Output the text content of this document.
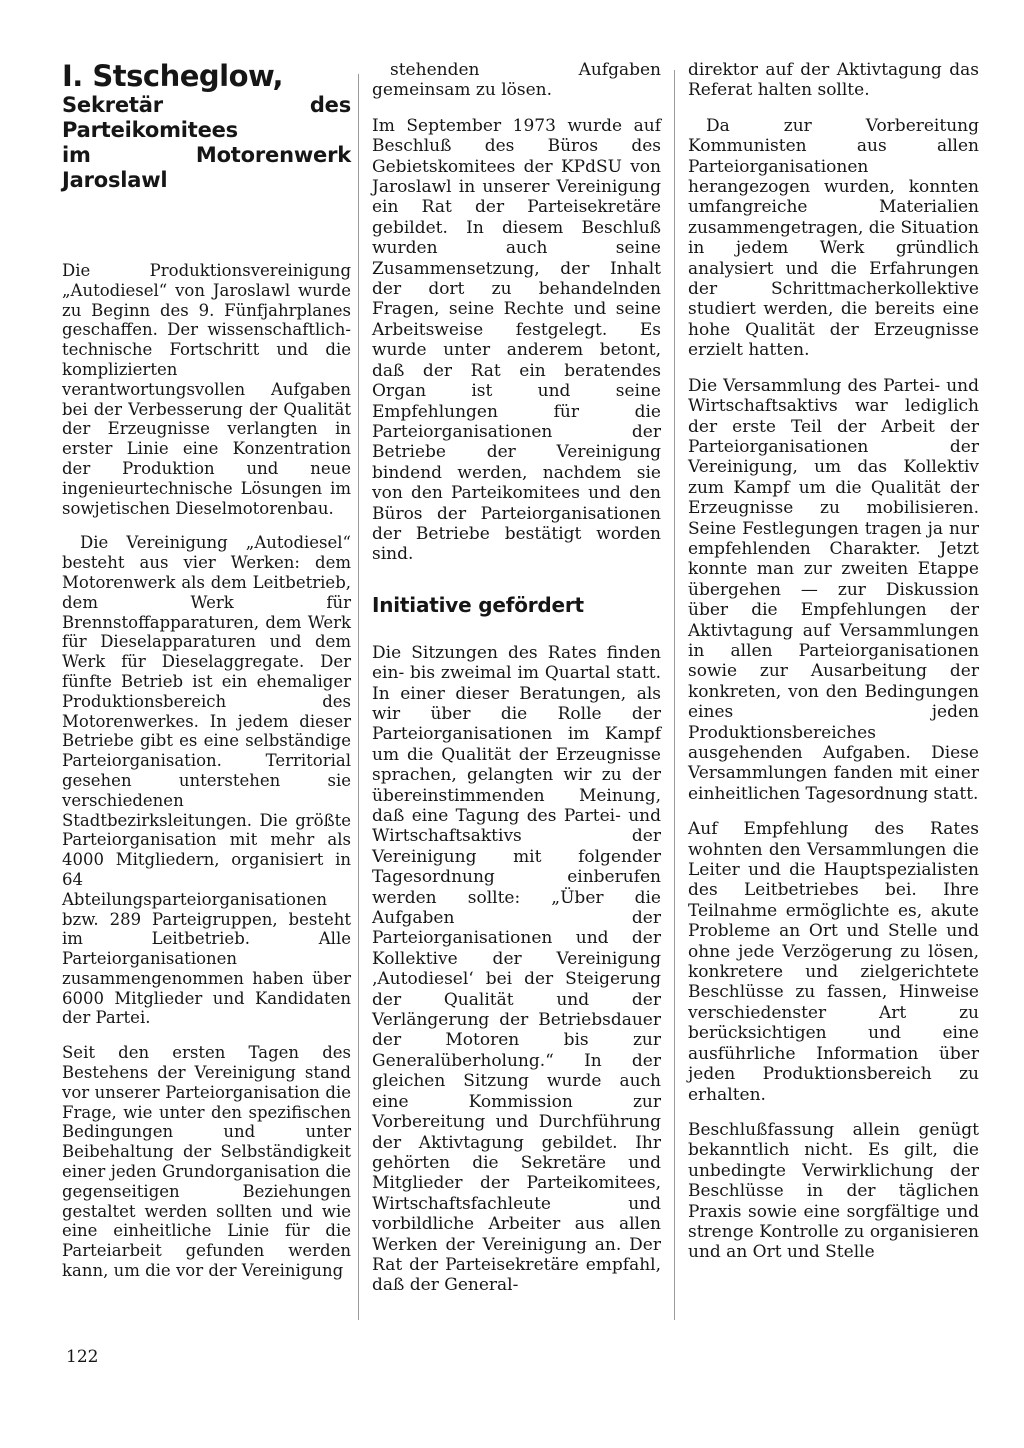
I. Stscheglow,
Sekretär des Parteikomitees
im Motorenwerk Jaroslawl

Die Produktionsvereinigung „Autodiesel“ von Jaroslawl wurde zu Beginn des 9. Fünfjahrplanes geschaffen. Der wissenschaftlich-technische Fortschritt und die komplizierten verantwortungsvollen Aufgaben bei der Verbesserung der Qualität der Erzeugnisse verlangten in erster Linie eine Konzentration der Produktion und neue ingenieurtechnische Lösungen im sowjetischen Dieselmotorenbau.

Die Vereinigung „Autodiesel“ besteht aus vier Werken: dem Motorenwerk als dem Leitbetrieb, dem Werk für Brennstoffapparaturen, dem Werk für Dieselapparaturen und dem Werk für Dieselaggregate. Der fünfte Betrieb ist ein ehemaliger Produktionsbereich des Motorenwerkes. In jedem dieser Betriebe gibt es eine selbständige Parteiorganisation. Territorial gesehen unterstehen sie verschiedenen Stadtbezirksleitungen. Die größte Parteiorganisation mit mehr als 4000 Mitgliedern, organisiert in 64 Abteilungsparteiorganisationen bzw. 289 Parteigruppen, besteht im Leitbetrieb. Alle Parteiorganisationen zusammengenommen haben über 6000 Mitglieder und Kandidaten der Partei.

Seit den ersten Tagen des Bestehens der Vereinigung stand vor unserer Parteiorganisation die Frage, wie unter den spezifischen Bedingungen und unter Beibehaltung der Selbständigkeit einer jeden Grundorganisation die gegenseitigen Beziehungen gestaltet werden sollten und wie eine einheitliche Linie für die Parteiarbeit gefunden werden kann, um die vor der Vereinigung

stehenden Aufgaben gemeinsam zu lösen.

Im September 1973 wurde auf Beschluß des Büros des Gebietskomitees der KPdSU von Jaroslawl in unserer Vereinigung ein Rat der Parteisekretäre gebildet. In diesem Beschluß wurden auch seine Zusammensetzung, der Inhalt der dort zu behandelnden Fragen, seine Rechte und seine Arbeitsweise festgelegt. Es wurde unter anderem betont, daß der Rat ein beratendes Organ ist und seine Empfehlungen für die Parteiorganisationen der Betriebe der Vereinigung bindend werden, nachdem sie von den Parteikomitees und den Büros der Parteiorganisationen der Betriebe bestätigt worden sind.

Initiative gefördert

Die Sitzungen des Rates finden ein- bis zweimal im Quartal statt. In einer dieser Beratungen, als wir über die Rolle der Parteiorganisationen im Kampf um die Qualität der Erzeugnisse sprachen, gelangten wir zu der übereinstimmenden Meinung, daß eine Tagung des Partei- und Wirtschaftsaktivs der Vereinigung mit folgender Tagesordnung einberufen werden sollte: „Über die Aufgaben der Parteiorganisationen und der Kollektive der Vereinigung ‚Autodiesel‘ bei der Steigerung der Qualität und der Verlängerung der Betriebsdauer der Motoren bis zur Generalüberholung.“ In der gleichen Sitzung wurde auch eine Kommission zur Vorbereitung und Durchführung der Aktivtagung gebildet. Ihr gehörten die Sekretäre und Mitglieder der Parteikomitees, Wirtschaftsfachleute und vorbildliche Arbeiter aus allen Werken der Vereinigung an. Der Rat der Parteisekretäre empfahl, daß der General-

direktor auf der Aktivtagung das Referat halten sollte.

Da zur Vorbereitung Kommunisten aus allen Parteiorganisationen herangezogen wurden, konnten umfangreiche Materialien zusammengetragen, die Situation in jedem Werk gründlich analysiert und die Erfahrungen der Schrittmacherkollektive studiert werden, die bereits eine hohe Qualität der Erzeugnisse erzielt hatten.

Die Versammlung des Partei- und Wirtschaftsaktivs war lediglich der erste Teil der Arbeit der Parteiorganisationen der Vereinigung, um das Kollektiv zum Kampf um die Qualität der Erzeugnisse zu mobilisieren. Seine Festlegungen tragen ja nur empfehlenden Charakter. Jetzt konnte man zur zweiten Etappe übergehen — zur Diskussion über die Empfehlungen der Aktivtagung auf Versammlungen in allen Parteiorganisationen sowie zur Ausarbeitung der konkreten, von den Bedingungen eines jeden Produktionsbereiches ausgehenden Aufgaben. Diese Versammlungen fanden mit einer einheitlichen Tagesordnung statt.

Auf Empfehlung des Rates wohnten den Versammlungen die Leiter und die Hauptspezialisten des Leitbetriebes bei. Ihre Teilnahme ermöglichte es, akute Probleme an Ort und Stelle und ohne jede Verzögerung zu lösen, konkretere und zielgerichtete Beschlüsse zu fassen, Hinweise verschiedenster Art zu berücksichtigen und eine ausführliche Information über jeden Produktionsbereich zu erhalten.

Beschlußfassung allein genügt bekanntlich nicht. Es gilt, die unbedingte Verwirklichung der Beschlüsse in der täglichen Praxis sowie eine sorgfältige und strenge Kontrolle zu organisieren und an Ort und Stelle

122
